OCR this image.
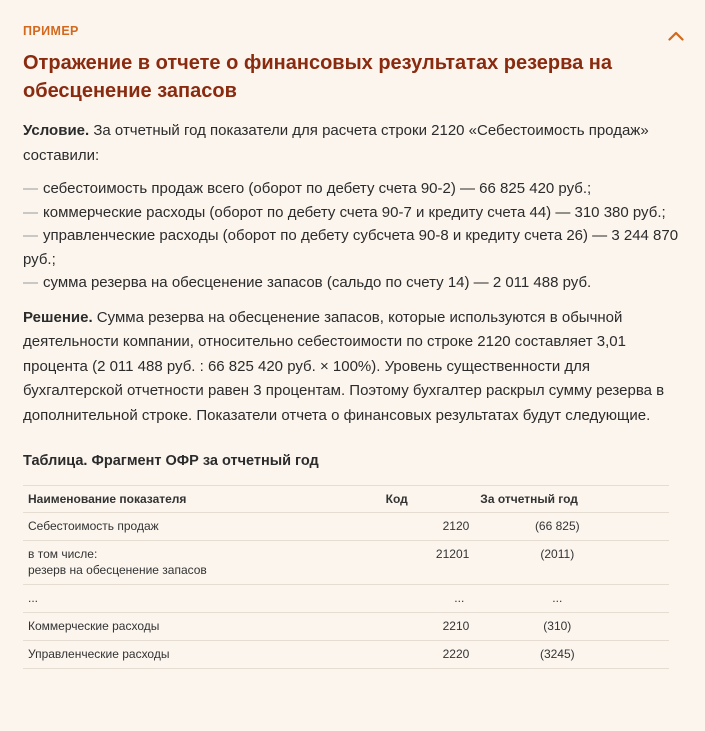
ПРИМЕР

Отражение в отчете о финансовых результатах резерва на обесценение запасов

Условие. За отчетный год показатели для расчета строки 2120 «Себестоимость продаж» составили:

— себестоимость продаж всего (оборот по дебету счета 90-2) — 66 825 420 руб.;
— коммерческие расходы (оборот по дебету счета 90-7 и кредиту счета 44) — 310 380 руб.;
— управленческие расходы (оборот по дебету субсчета 90-8 и кредиту счета 26) — 3 244 870 руб.;
— сумма резерва на обесценение запасов (сальдо по счету 14) — 2 011 488 руб.

Решение. Сумма резерва на обесценение запасов, которые используются в обычной деятельности компании, относительно себестоимости по строке 2120 составляет 3,01 процента (2 011 488 руб. : 66 825 420 руб. × 100%). Уровень существенности для бухгалтерской отчетности равен 3 процентам. Поэтому бухгалтер раскрыл сумму резерва в дополнительной строке. Показатели отчета о финансовых результатах будут следующие.

Таблица. Фрагмент ОФР за отчетный год

Наименование показателя	Код	За отчетный год
Себестоимость продаж	2120	(66 825)

в том числе:
резерв на обесценение запасов	21201	(2011)
...	...	...
Коммерческие расходы	2210	(310)
Управленческие расходы	2220	(3245)
